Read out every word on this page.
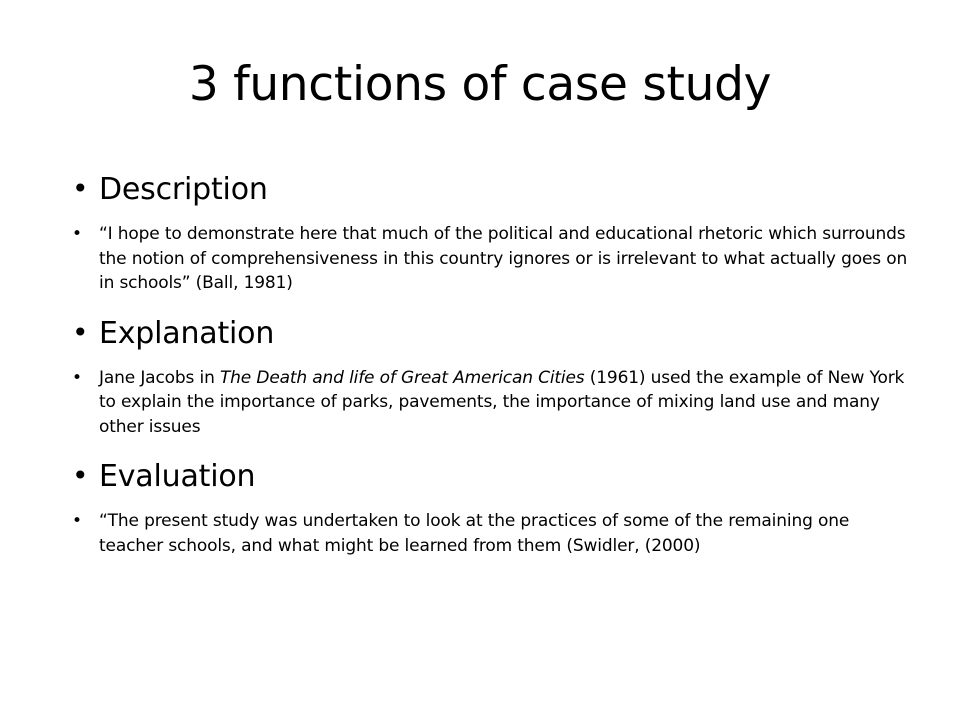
3 functions of case study
• Description
• “I hope to demonstrate here that much of the political and educational rhetoric which surrounds the notion of comprehensiveness in this country ignores or is irrelevant to what actually goes on in schools” (Ball, 1981)
• Explanation
• Jane Jacobs in The Death and life of Great American Cities (1961) used the example of New York to explain the importance of parks, pavements, the importance of mixing land use and many other issues
• Evaluation
• “The present study was undertaken to look at the practices of some of the remaining one teacher schools, and what might be learned from them (Swidler, (2000)
